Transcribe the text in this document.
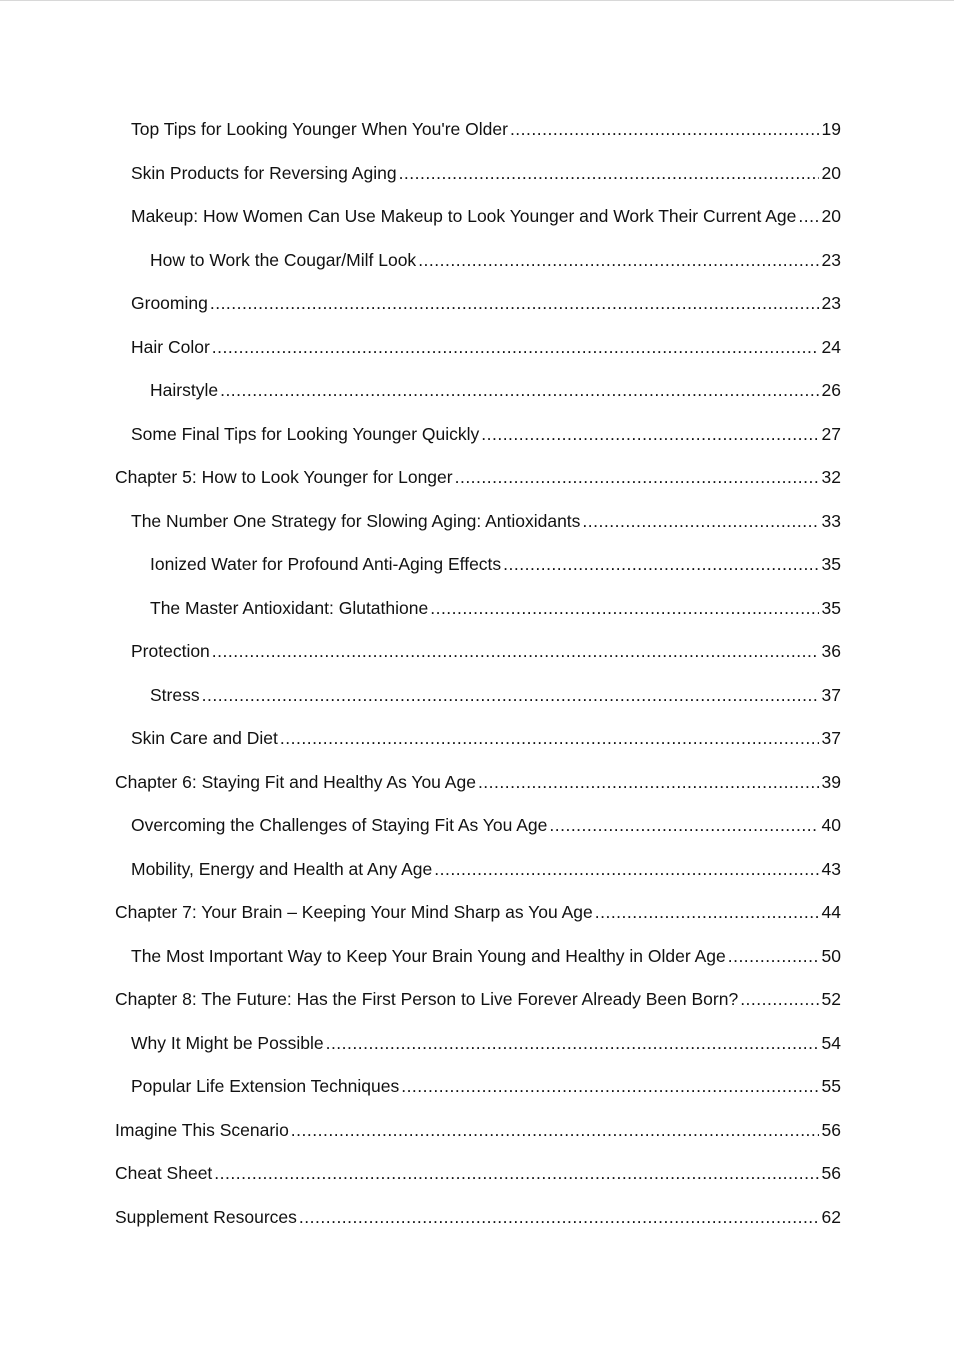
Top Tips for Looking Younger When You're Older .....	19
Skin Products for Reversing Aging .....	20
Makeup: How Women Can Use Makeup to Look Younger and Work Their Current Age ..... 20
How to Work the Cougar/Milf Look .....	23
Grooming .....	23
Hair Color .....	24
Hairstyle .....	26
Some Final Tips for Looking Younger Quickly .....	27
Chapter 5: How to Look Younger for Longer .....	32
The Number One Strategy for Slowing Aging: Antioxidants .....	33
Ionized Water for Profound Anti-Aging Effects .....	35
The Master Antioxidant: Glutathione .....	35
Protection .....	36
Stress .....	37
Skin Care and Diet .....	37
Chapter 6: Staying Fit and Healthy As You Age .....	39
Overcoming the Challenges of Staying Fit As You Age .....	40
Mobility, Energy and Health at Any Age .....	43
Chapter 7: Your Brain – Keeping Your Mind Sharp as You Age .....	44
The Most Important Way to Keep Your Brain Young and Healthy in Older Age .....	50
Chapter 8: The Future: Has the First Person to Live Forever Already Been Born? .....	52
Why It Might be Possible .....	54
Popular Life Extension Techniques .....	55
Imagine This Scenario .....	56
Cheat Sheet .....	56
Supplement Resources .....	62
